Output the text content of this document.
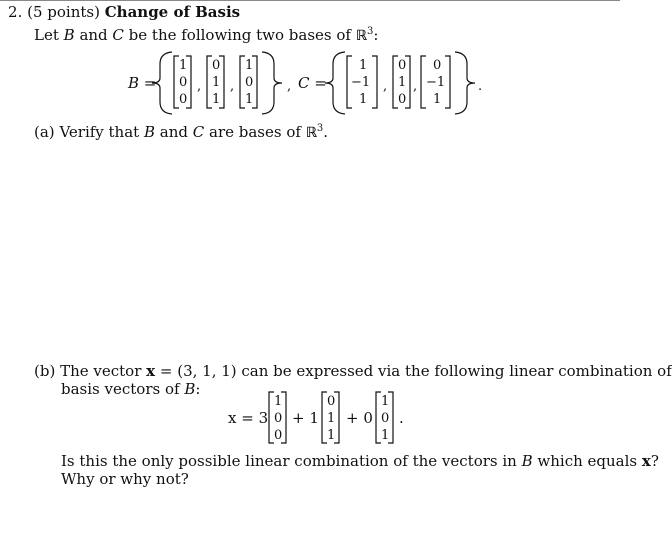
2. (5 points) Change of Basis
Let B and C be the following two bases of ℝ$^3$:
B =	C =
1
0
0
,
0
1
1
,
1
0
1
,
1
−1
1
,
0
1
0
,
0
−1
1
.
(a) Verify that B and C are bases of ℝ$^3$.
(b) The vector x = (3, 1, 1) can be expressed via the following linear combination of
basis vectors of B:
x = 3
1
0
0
+ 1
0
1
1
+ 0
1
0
1
.
Is this the only possible linear combination of the vectors in B which equals x?
Why or why not?
